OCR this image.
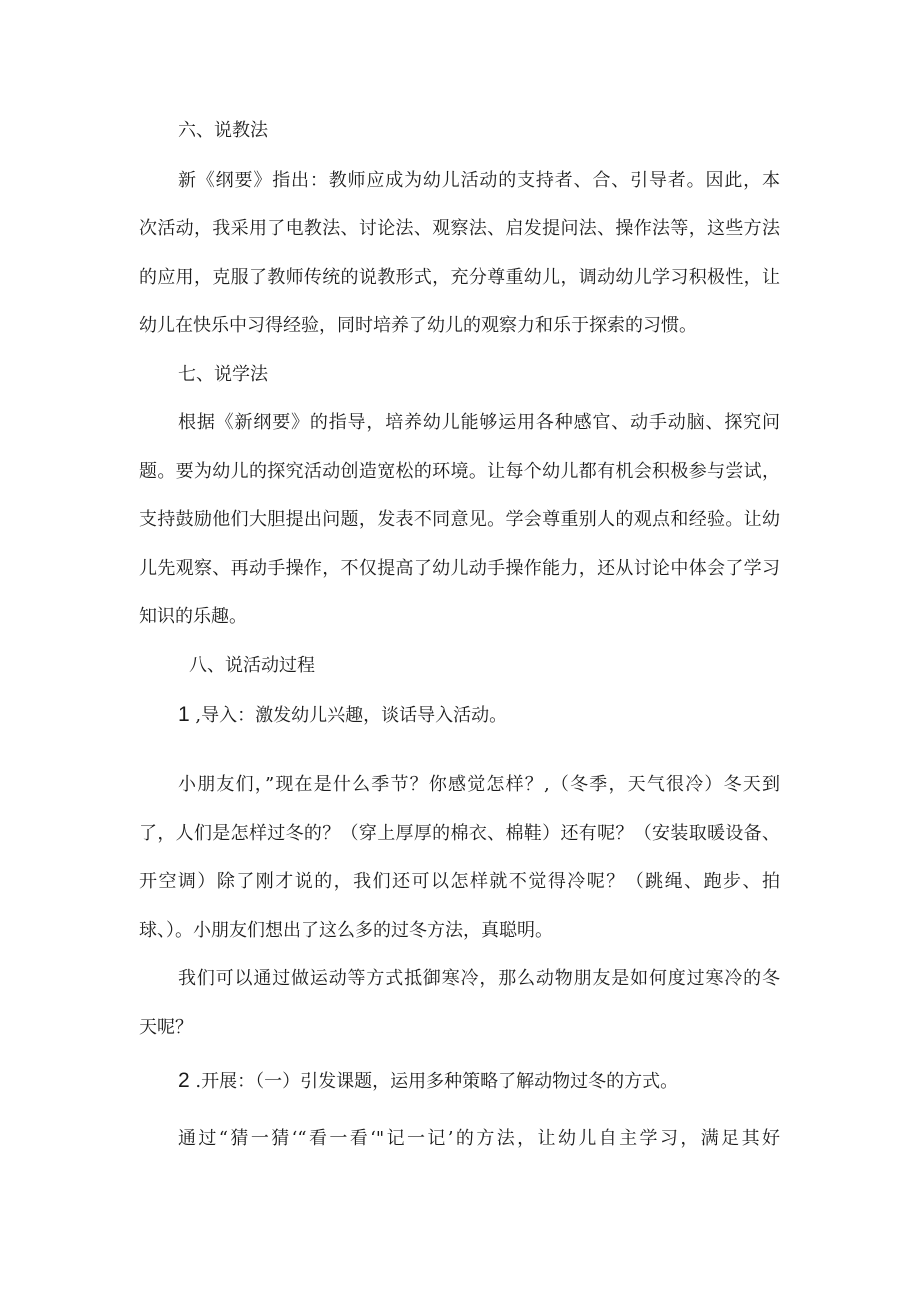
六、说教法

新《纲要》指出：教师应成为幼儿活动的支持者、合、引导者。因此，本

次活动，我采用了电教法、讨论法、观察法、启发提问法、操作法等，这些方法

的应用，克服了教师传统的说教形式，充分尊重幼儿，调动幼儿学习积极性，让

幼儿在快乐中习得经验，同时培养了幼儿的观察力和乐于探索的习惯。

七、说学法

根据《新纲要》的指导，培养幼儿能够运用各种感官、动手动脑、探究问

题。要为幼儿的探究活动创造宽松的环境。让每个幼儿都有机会积极参与尝试，

支持鼓励他们大胆提出问题，发表不同意见。学会尊重别人的观点和经验。让幼

儿先观察、再动手操作，不仅提高了幼儿动手操作能力，还从讨论中体会了学习

知识的乐趣。

八、说活动过程

1 ,导入：激发幼儿兴趣，谈话导入活动。

小朋友们，”现在是什么季节？你感觉怎样？,（冬季，天气很冷）冬天到

了，人们是怎样过冬的？（穿上厚厚的棉衣、棉鞋）还有呢？（安装取暖设备、

开空调）除了刚才说的，我们还可以怎样就不觉得冷呢？（跳绳、跑步、拍

球、）。小朋友们想出了这么多的过冬方法，真聪明。

我们可以通过做运动等方式抵御寒冷，那么动物朋友是如何度过寒冷的冬

天呢？

2 .开展：（一）引发课题，运用多种策略了解动物过冬的方式。

通过“猜一猜‘“看一看‘"记一记’的方法，让幼儿自主学习，满足其好
